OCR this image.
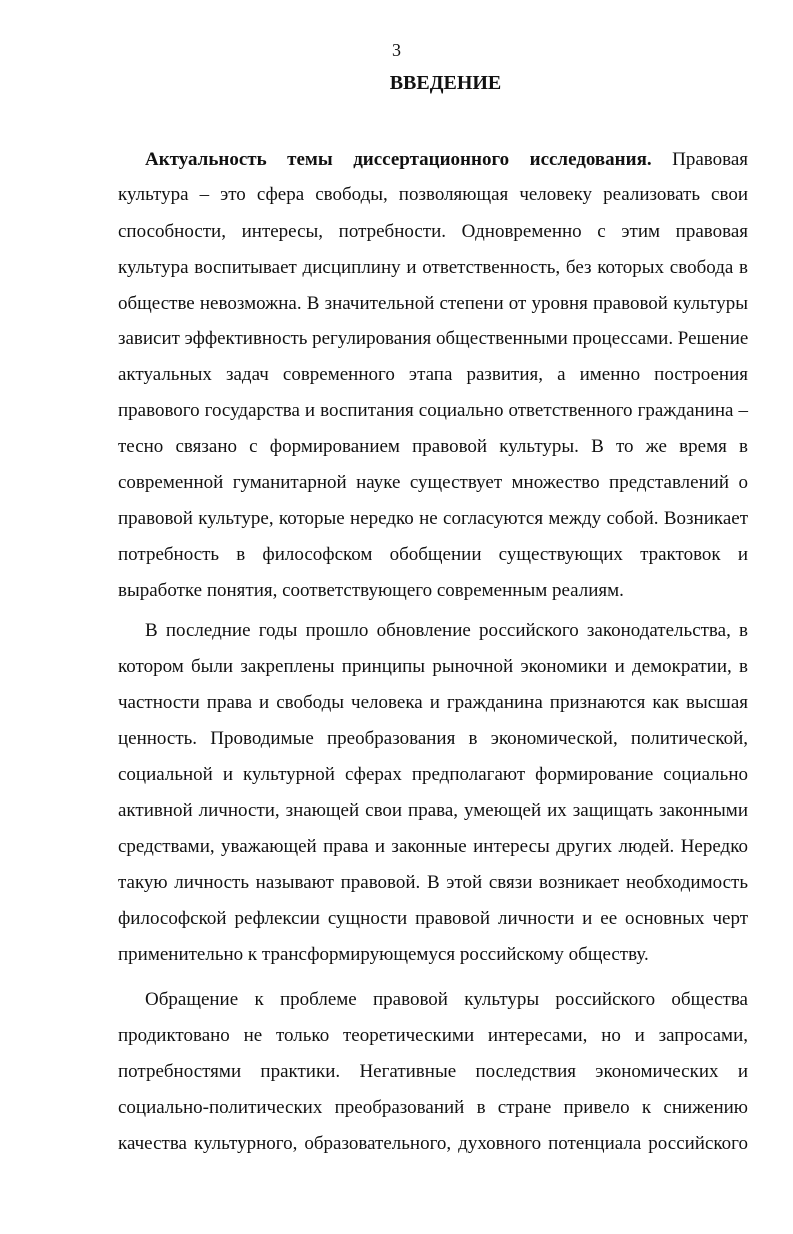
3
ВВЕДЕНИЕ
Актуальность темы диссертационного исследования. Правовая
культура – это сфера свободы, позволяющая человеку реализовать свои
способности, интересы, потребности. Одновременно с этим правовая
культура воспитывает дисциплину и ответственность, без которых свобода в
обществе невозможна. В значительной степени от уровня правовой культуры
зависит эффективность регулирования общественными процессами. Решение
актуальных задач современного этапа развития, а именно построения
правового государства и воспитания социально ответственного гражданина –
тесно связано с формированием правовой культуры. В то же время в
современной гуманитарной науке существует множество представлений о
правовой культуре, которые нередко не согласуются между собой. Возникает
потребность в философском обобщении существующих трактовок и
выработке понятия, соответствующего современным реалиям.
В последние годы прошло обновление российского законодательства, в
котором были закреплены принципы рыночной экономики и демократии, в
частности права и свободы человека и гражданина признаются как высшая
ценность. Проводимые преобразования в экономической, политической,
социальной и культурной сферах предполагают формирование социально
активной личности, знающей свои права, умеющей их защищать законными
средствами, уважающей права и законные интересы других людей. Нередко
такую личность называют правовой. В этой связи возникает необходимость
философской рефлексии сущности правовой личности и ее основных черт
применительно к трансформирующемуся российскому обществу.
Обращение к проблеме правовой культуры российского общества
продиктовано не только теоретическими интересами, но и запросами,
потребностями практики. Негативные последствия экономических и
социально-политических преобразований в стране привело к снижению
качества культурного, образовательного, духовного потенциала российского
